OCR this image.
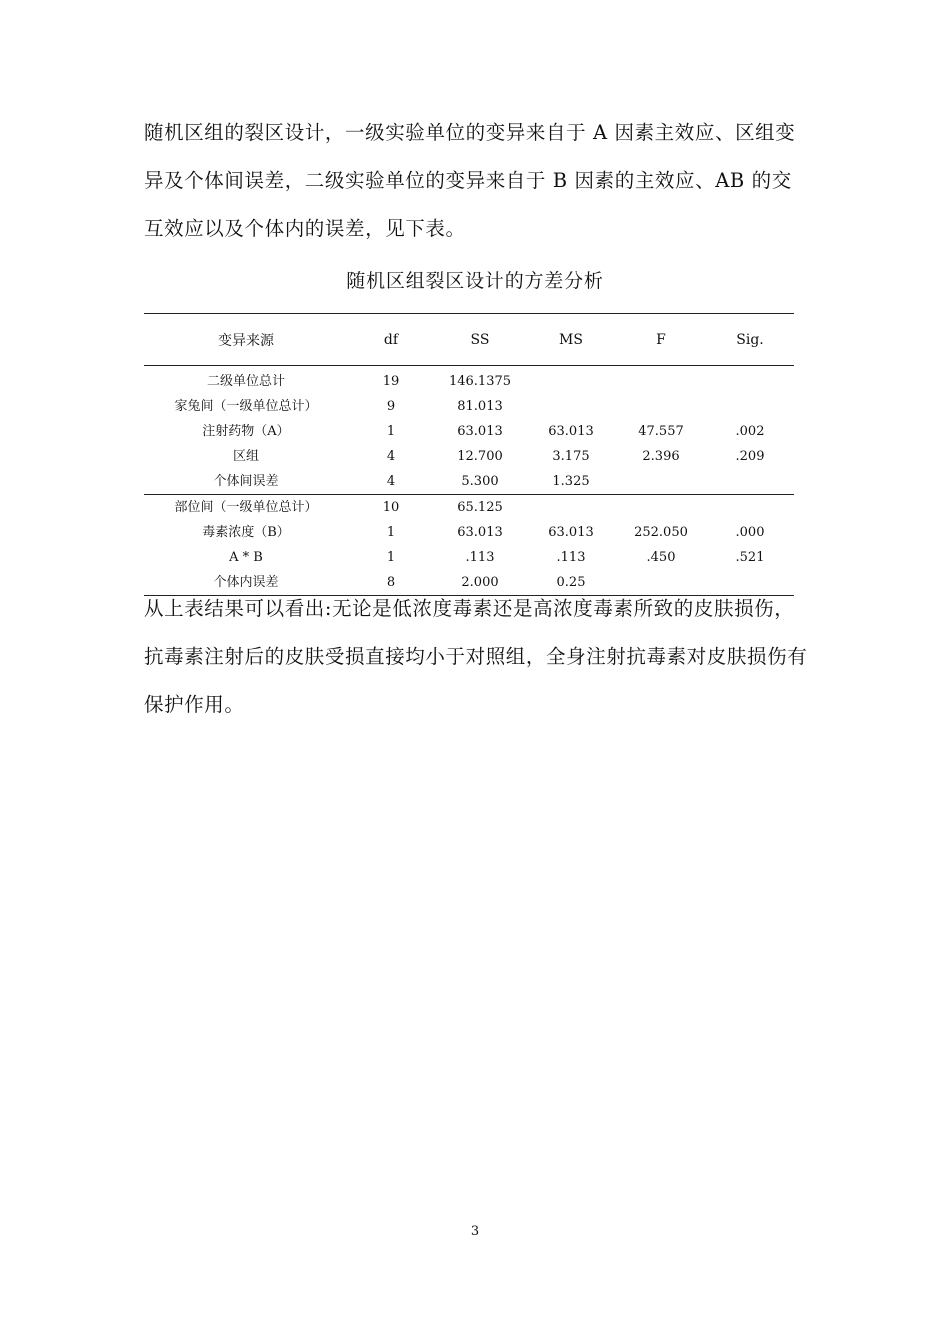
随机区组的裂区设计，一级实验单位的变异来自于 A 因素主效应、区组变异及个体间误差，二级实验单位的变异来自于 B 因素的主效应、AB 的交互效应以及个体内的误差，见下表。

随机区组裂区设计的方差分析

变异来源	df	SS	MS	F	Sig.

二级单位总计	19	146.1375			
家兔间（一级单位总计）	9	81.013			
注射药物（A）	1	63.013	63.013	47.557	.002
区组	4	12.700	3.175	2.396	.209
个体间误差	4	5.300	1.325		
部位间（一级单位总计）	10	65.125			
毒素浓度（B）	1	63.013	63.013	252.050	.000
A * B	1	.113	.113	.450	.521
个体内误差	8	2.000	0.25		

从上表结果可以看出:无论是低浓度毒素还是高浓度毒素所致的皮肤损伤，抗毒素注射后的皮肤受损直接均小于对照组，全身注射抗毒素对皮肤损伤有保护作用。

3
